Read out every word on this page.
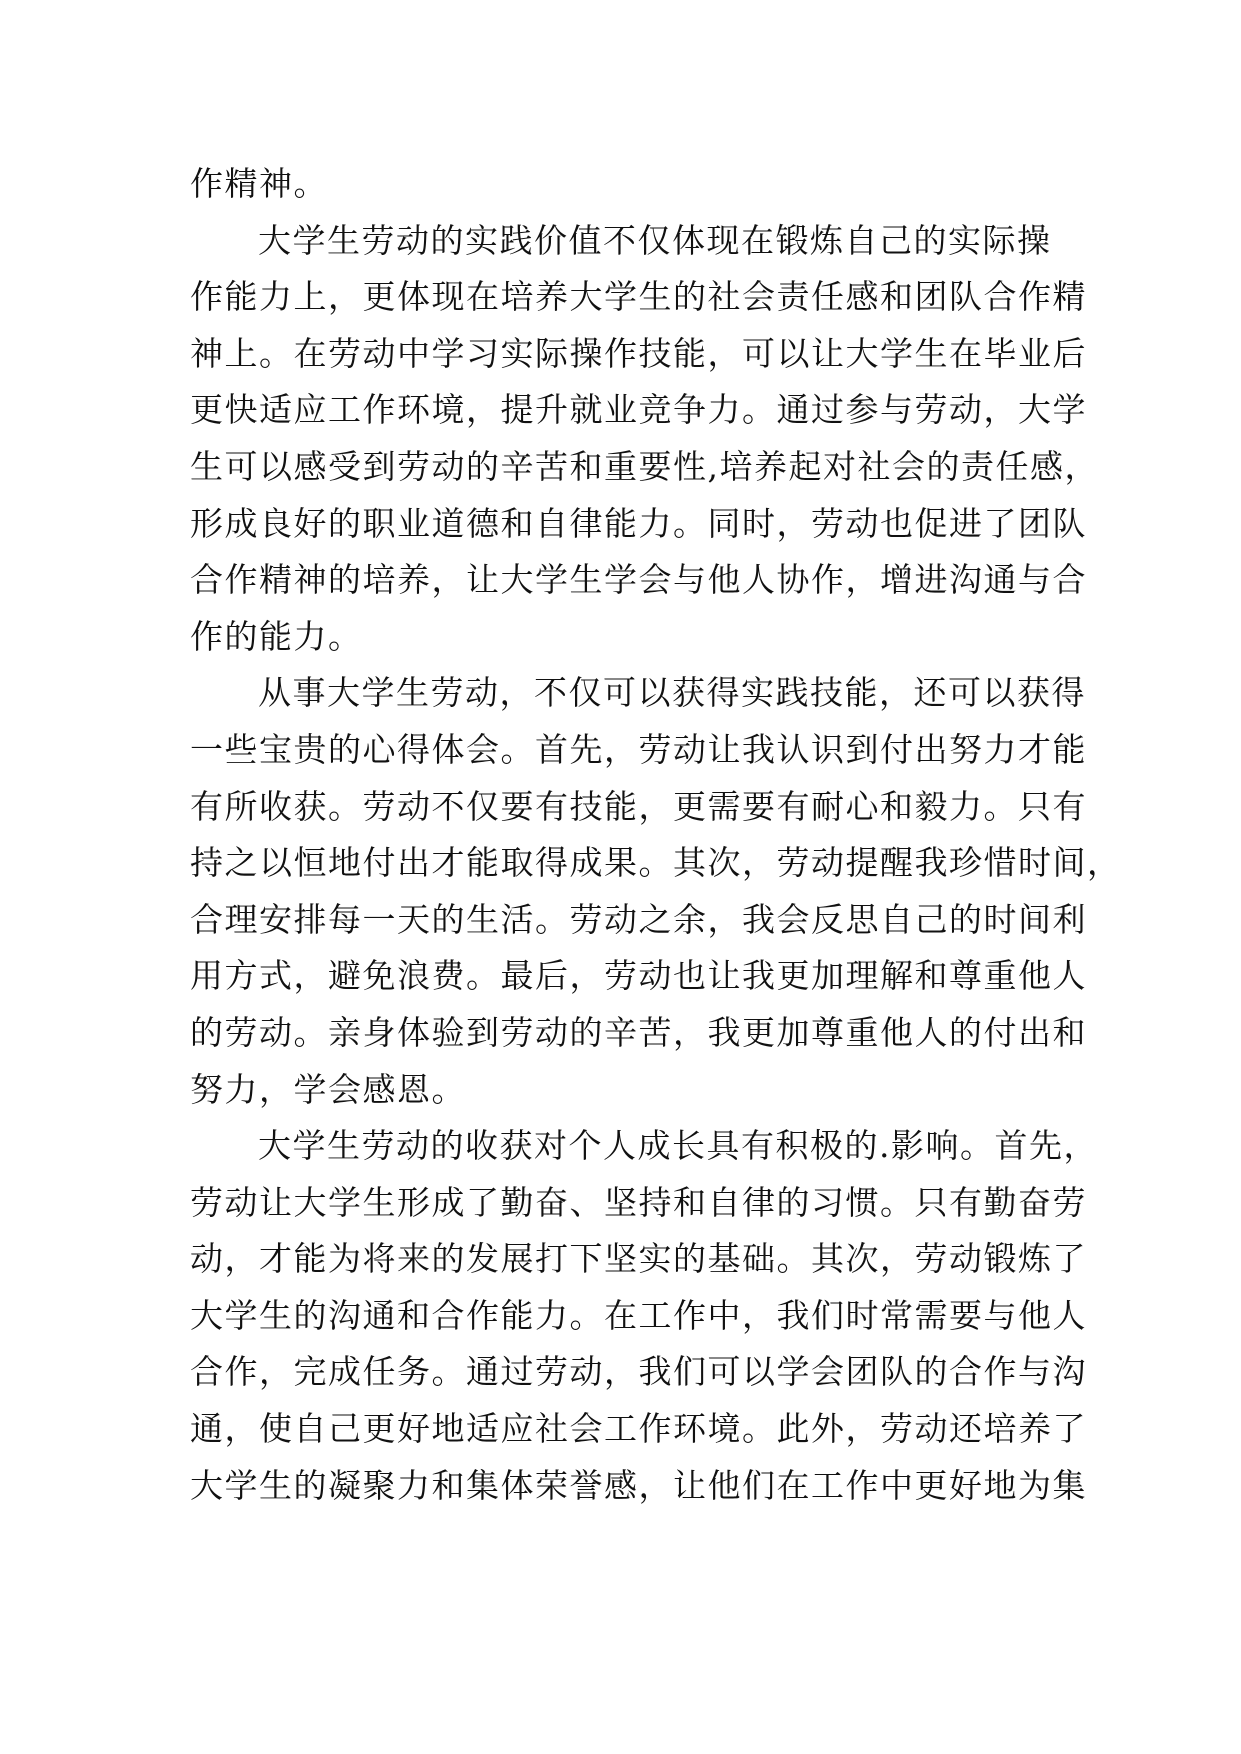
作精神。
大学生劳动的实践价值不仅体现在锻炼自己的实际操
作能力上，更体现在培养大学生的社会责任感和团队合作精
神上。在劳动中学习实际操作技能，可以让大学生在毕业后
更快适应工作环境，提升就业竞争力。通过参与劳动，大学
生可以感受到劳动的辛苦和重要性,培养起对社会的责任感，
形成良好的职业道德和自律能力。同时，劳动也促进了团队
合作精神的培养，让大学生学会与他人协作，增进沟通与合
作的能力。
从事大学生劳动，不仅可以获得实践技能，还可以获得
一些宝贵的心得体会。首先，劳动让我认识到付出努力才能
有所收获。劳动不仅要有技能，更需要有耐心和毅力。只有
持之以恒地付出才能取得成果。其次，劳动提醒我珍惜时间，
合理安排每一天的生活。劳动之余，我会反思自己的时间利
用方式，避免浪费。最后，劳动也让我更加理解和尊重他人
的劳动。亲身体验到劳动的辛苦，我更加尊重他人的付出和
努力，学会感恩。
大学生劳动的收获对个人成长具有积极的.影响。首先，
劳动让大学生形成了勤奋、坚持和自律的习惯。只有勤奋劳
动，才能为将来的发展打下坚实的基础。其次，劳动锻炼了
大学生的沟通和合作能力。在工作中，我们时常需要与他人
合作，完成任务。通过劳动，我们可以学会团队的合作与沟
通，使自己更好地适应社会工作环境。此外，劳动还培养了
大学生的凝聚力和集体荣誉感，让他们在工作中更好地为集
